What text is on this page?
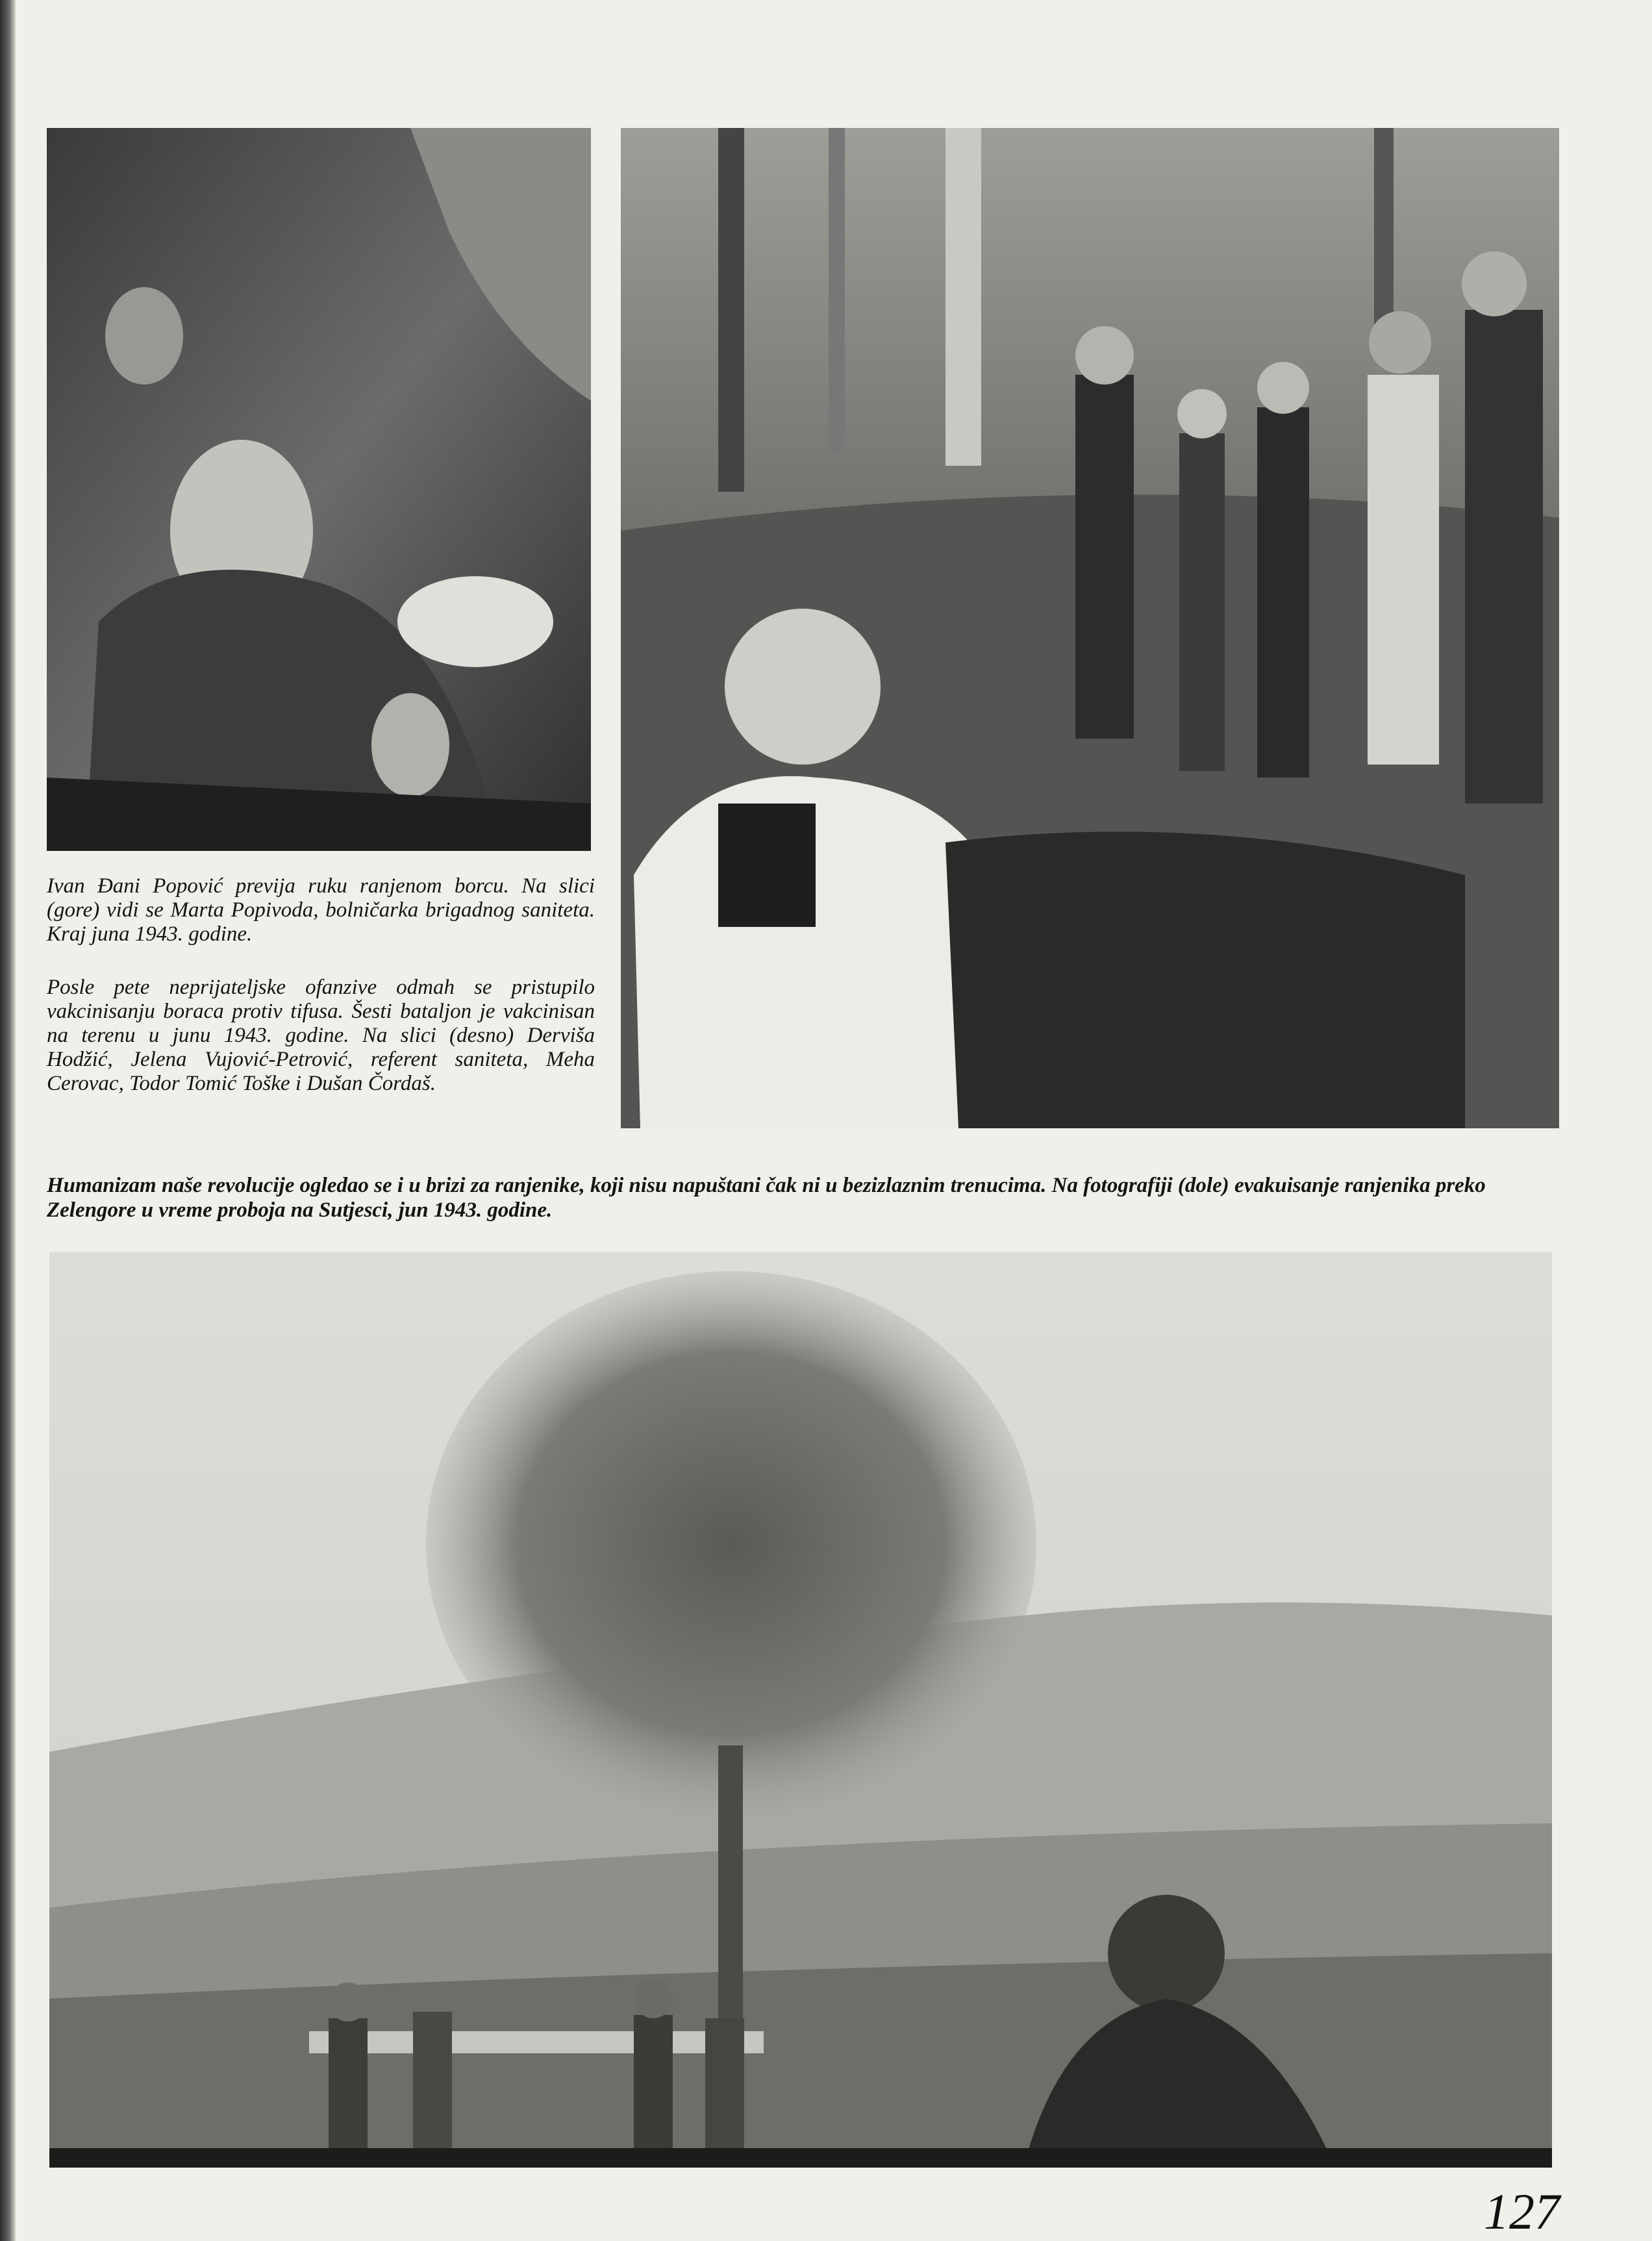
Ivan Đani Popović previja ruku ranjenom borcu. Na slici (gore) vidi se Marta Popivoda, bolničarka brigadnog saniteta. Kraj juna 1943. godine.

Posle pete neprijateljske ofanzive odmah se pristupilo vakcinisanju boraca protiv tifusa. Šesti bataljon je vakcinisan na terenu u junu 1943. godine. Na slici (desno) Derviša Hodžić, Jelena Vujović-Petrović, referent saniteta, Meha Cerovac, Todor Tomić Toške i Dušan Čordaš.

Humanizam naše revolucije ogledao se i u brizi za ranjenike, koji nisu napuštani čak ni u bezizlaznim trenucima. Na fotografiji (dole) evakuisanje ranjenika preko Zelengore u vreme proboja na Sutjesci, jun 1943. godine.

127
